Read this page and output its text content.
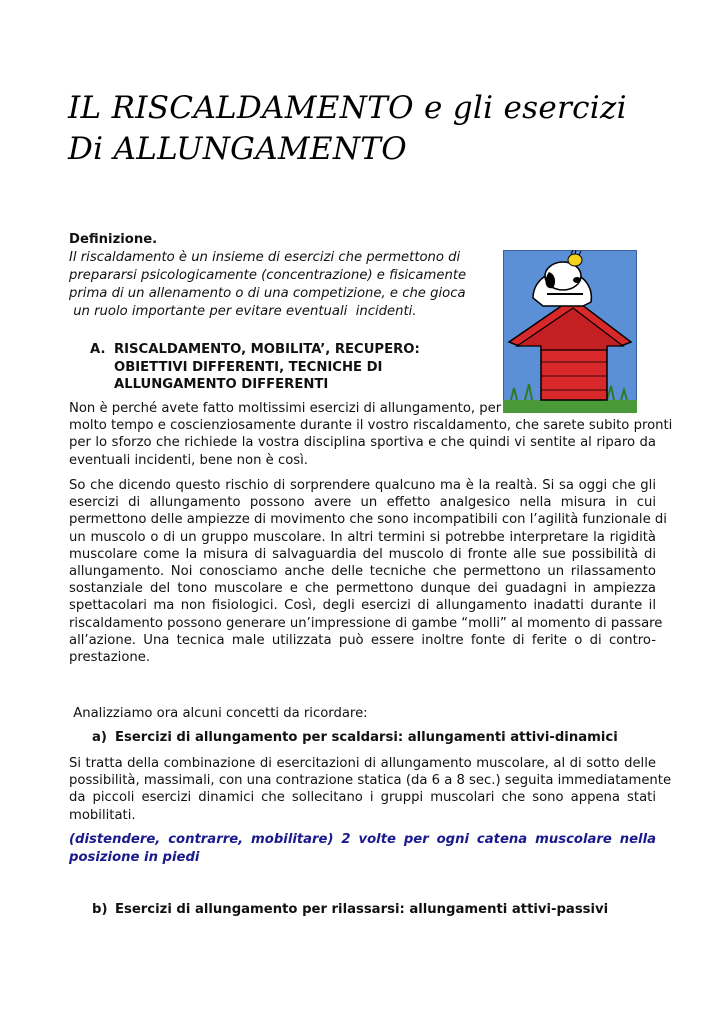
IL RISCALDAMENTO e gli esercizi
Di ALLUNGAMENTO
Definizione.
Il riscaldamento è un insieme di esercizi che permettono di
prepararsi psicologicamente (concentrazione) e fisicamente
prima di un allenamento o di una competizione, e che gioca
un ruolo importante per evitare eventuali  incidenti.
A. RISCALDAMENTO, MOBILITA’, RECUPERO:
OBIETTIVI DIFFERENTI, TECNICHE DI
ALLUNGAMENTO DIFFERENTI
Non è perché avete fatto moltissimi esercizi di allungamento, per
molto tempo e coscienziosamente durante il vostro riscaldamento, che sarete subito pronti
per lo sforzo che richiede la vostra disciplina sportiva e che quindi vi sentite al riparo da
eventuali incidenti, bene non è così.
So che dicendo questo rischio di sorprendere qualcuno ma è la realtà. Si sa oggi che gli
esercizi di allungamento possono avere un effetto analgesico nella misura in cui
permettono delle ampiezze di movimento che sono incompatibili con l’agilità funzionale di
un muscolo o di un gruppo muscolare. In altri termini si potrebbe interpretare la rigidità
muscolare come la misura di salvaguardia del muscolo di fronte alle sue possibilità di
allungamento. Noi conosciamo anche delle tecniche che permettono un rilassamento
sostanziale del tono muscolare e che permettono dunque dei guadagni in ampiezza
spettacolari ma non fisiologici. Così, degli esercizi di allungamento inadatti durante il
riscaldamento possono generare un’impressione di gambe “molli” al momento di passare
all’azione. Una tecnica male utilizzata può essere inoltre fonte di ferite o di contro-
prestazione.
Analizziamo ora alcuni concetti da ricordare:
a) Esercizi di allungamento per scaldarsi: allungamenti attivi-dinamici
Si tratta della combinazione di esercitazioni di allungamento muscolare, al di sotto delle
possibilità, massimali, con una contrazione statica (da 6 a 8 sec.) seguita immediatamente
da piccoli esercizi dinamici che sollecitano i gruppi muscolari che sono appena stati
mobilitati.
(distendere, contrarre, mobilitare) 2 volte per ogni catena muscolare nella
posizione in piedi
b) Esercizi di allungamento per rilassarsi: allungamenti attivi-passivi
